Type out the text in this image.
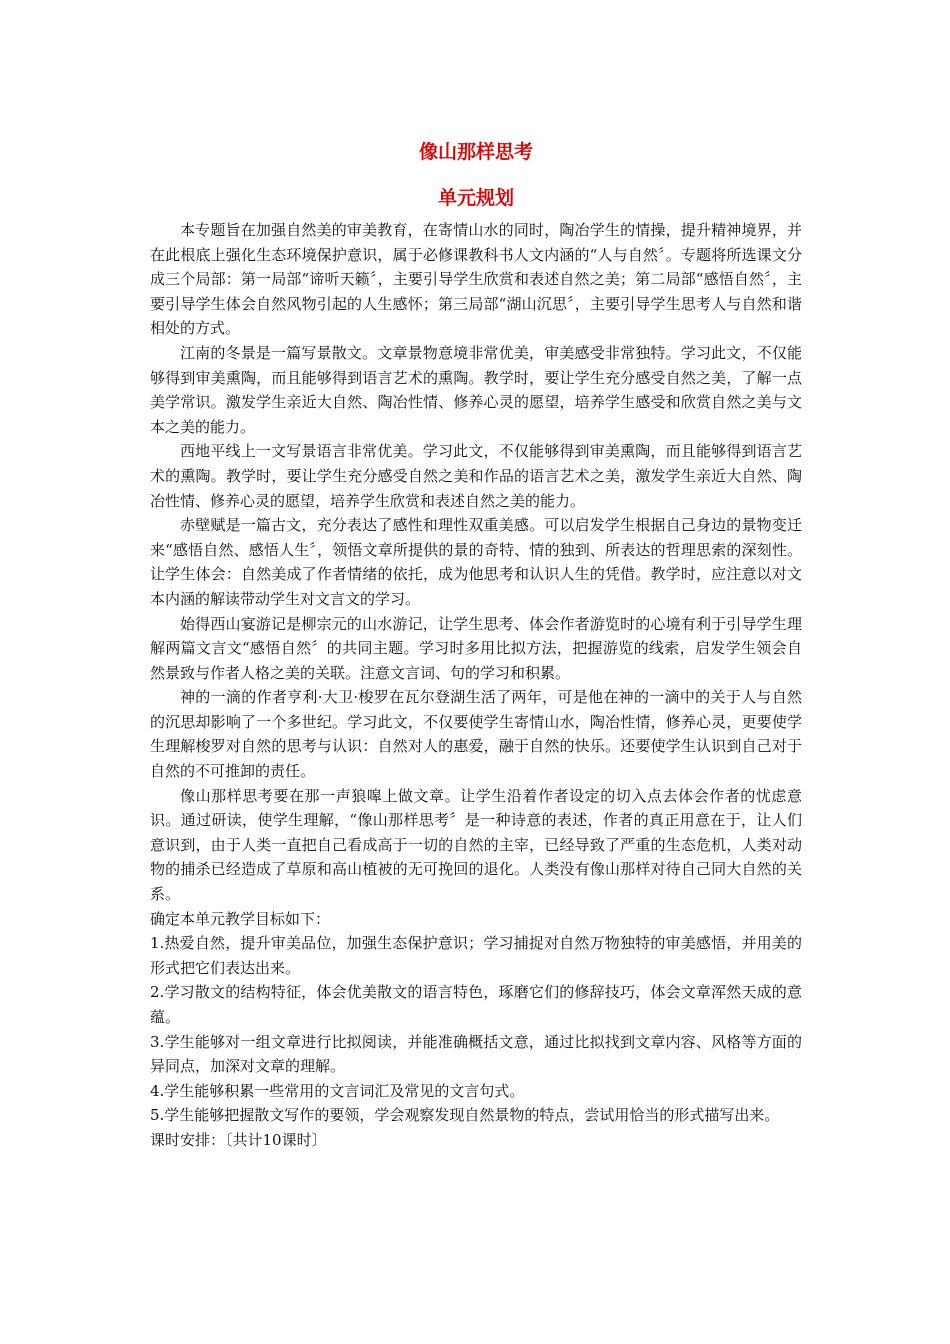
像山那样思考
单元规划

本专题旨在加强自然美的审美教育，在寄情山水的同时，陶冶学生的情操，提升精神境界，并在此根底上强化生态环境保护意识，属于必修课教科书人文内涵的“人与自然〞。专题将所选课文分成三个局部：第一局部“谛听天籁〞，主要引导学生欣赏和表述自然之美；第二局部“感悟自然〞，主要引导学生体会自然风物引起的人生感怀；第三局部“湖山沉思〞，主要引导学生思考人与自然和谐相处的方式。

江南的冬景是一篇写景散文。文章景物意境非常优美，审美感受非常独特。学习此文，不仅能够得到审美熏陶，而且能够得到语言艺术的熏陶。教学时，要让学生充分感受自然之美，了解一点美学常识。激发学生亲近大自然、陶冶性情、修养心灵的愿望，培养学生感受和欣赏自然之美与文本之美的能力。

西地平线上一文写景语言非常优美。学习此文，不仅能够得到审美熏陶，而且能够得到语言艺术的熏陶。教学时，要让学生充分感受自然之美和作品的语言艺术之美，激发学生亲近大自然、陶冶性情、修养心灵的愿望，培养学生欣赏和表述自然之美的能力。

赤壁赋是一篇古文，充分表达了感性和理性双重美感。可以启发学生根据自己身边的景物变迁来“感悟自然、感悟人生〞，领悟文章所提供的景的奇特、情的独到、所表达的哲理思索的深刻性。让学生体会：自然美成了作者情绪的依托，成为他思考和认识人生的凭借。教学时，应注意以对文本内涵的解读带动学生对文言文的学习。

始得西山宴游记是柳宗元的山水游记，让学生思考、体会作者游览时的心境有利于引导学生理解两篇文言文“感悟自然〞的共同主题。学习时多用比拟方法，把握游览的线索，启发学生领会自然景致与作者人格之美的关联。注意文言词、句的学习和积累。

神的一滴的作者亨利·大卫·梭罗在瓦尔登湖生活了两年，可是他在神的一滴中的关于人与自然的沉思却影响了一个多世纪。学习此文，不仅要使学生寄情山水，陶冶性情，修养心灵，更要使学生理解梭罗对自然的思考与认识：自然对人的惠爱，融于自然的快乐。还要使学生认识到自己对于自然的不可推卸的责任。

像山那样思考要在那一声狼嗥上做文章。让学生沿着作者设定的切入点去体会作者的忧虑意识。通过研读，使学生理解，“像山那样思考〞是一种诗意的表述，作者的真正用意在于，让人们意识到，由于人类一直把自己看成高于一切的自然的主宰，已经导致了严重的生态危机，人类对动物的捕杀已经造成了草原和高山植被的无可挽回的退化。人类没有像山那样对待自己同大自然的关系。

确定本单元教学目标如下：

1.热爱自然，提升审美品位，加强生态保护意识；学习捕捉对自然万物独特的审美感悟，并用美的形式把它们表达出来。

2.学习散文的结构特征，体会优美散文的语言特色，琢磨它们的修辞技巧，体会文章浑然天成的意蕴。

3.学生能够对一组文章进行比拟阅读，并能准确概括文意，通过比拟找到文章内容、风格等方面的异同点，加深对文章的理解。

4.学生能够积累一些常用的文言词汇及常见的文言句式。

5.学生能够把握散文写作的要领，学会观察发现自然景物的特点，尝试用恰当的形式描写出来。

课时安排：〔共计10课时〕
